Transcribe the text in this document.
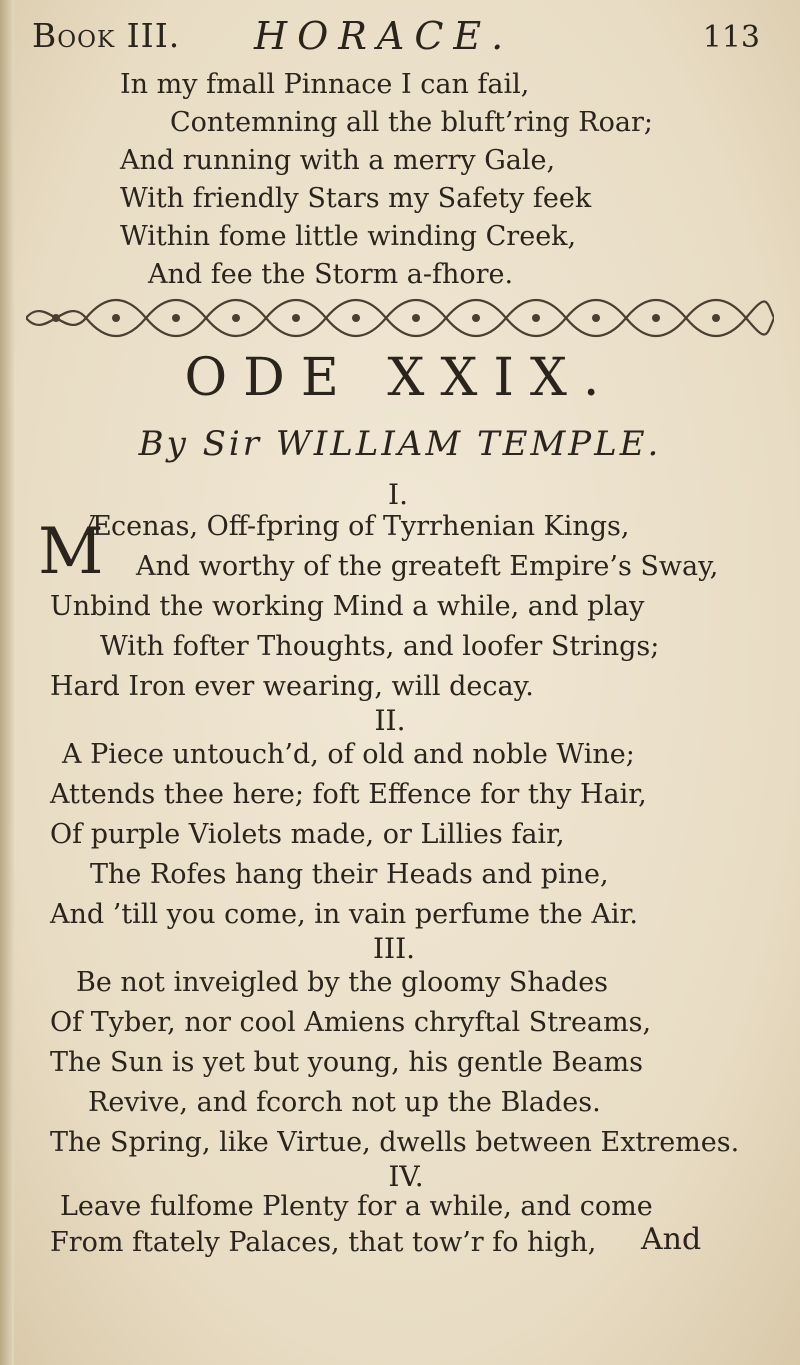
Book III. HORACE.	113
In my fmall Pinnace I can fail,
Contemning all the bluft’ring Roar;
And running with a merry Gale,
With friendly Stars my Safety feek
Within fome little winding Creek,
And fee the Storm a-fhore.
ODE XXIX.
By Sir WILLIAM TEMPLE.
I.
M
Æcenas, Off-fpring of Tyrrhenian Kings,
And worthy of the greateft Empire’s Sway,
Unbind the working Mind a while, and play
With fofter Thoughts, and loofer Strings;
Hard Iron ever wearing, will decay.
II.
A Piece untouch’d, of old and noble Wine;
Attends thee here; foft Effence for thy Hair,
Of purple Violets made, or Lillies fair,
The Rofes hang their Heads and pine,
And ’till you come, in vain perfume the Air.
III.
Be not inveigled by the gloomy Shades
Of Tyber, nor cool Amiens chryftal Streams,
The Sun is yet but young, his gentle Beams
Revive, and fcorch not up the Blades.
The Spring, like Virtue, dwells between Extremes.
IV.
Leave fulfome Plenty for a while, and come
From ftately Palaces, that tow’r fo high, And
